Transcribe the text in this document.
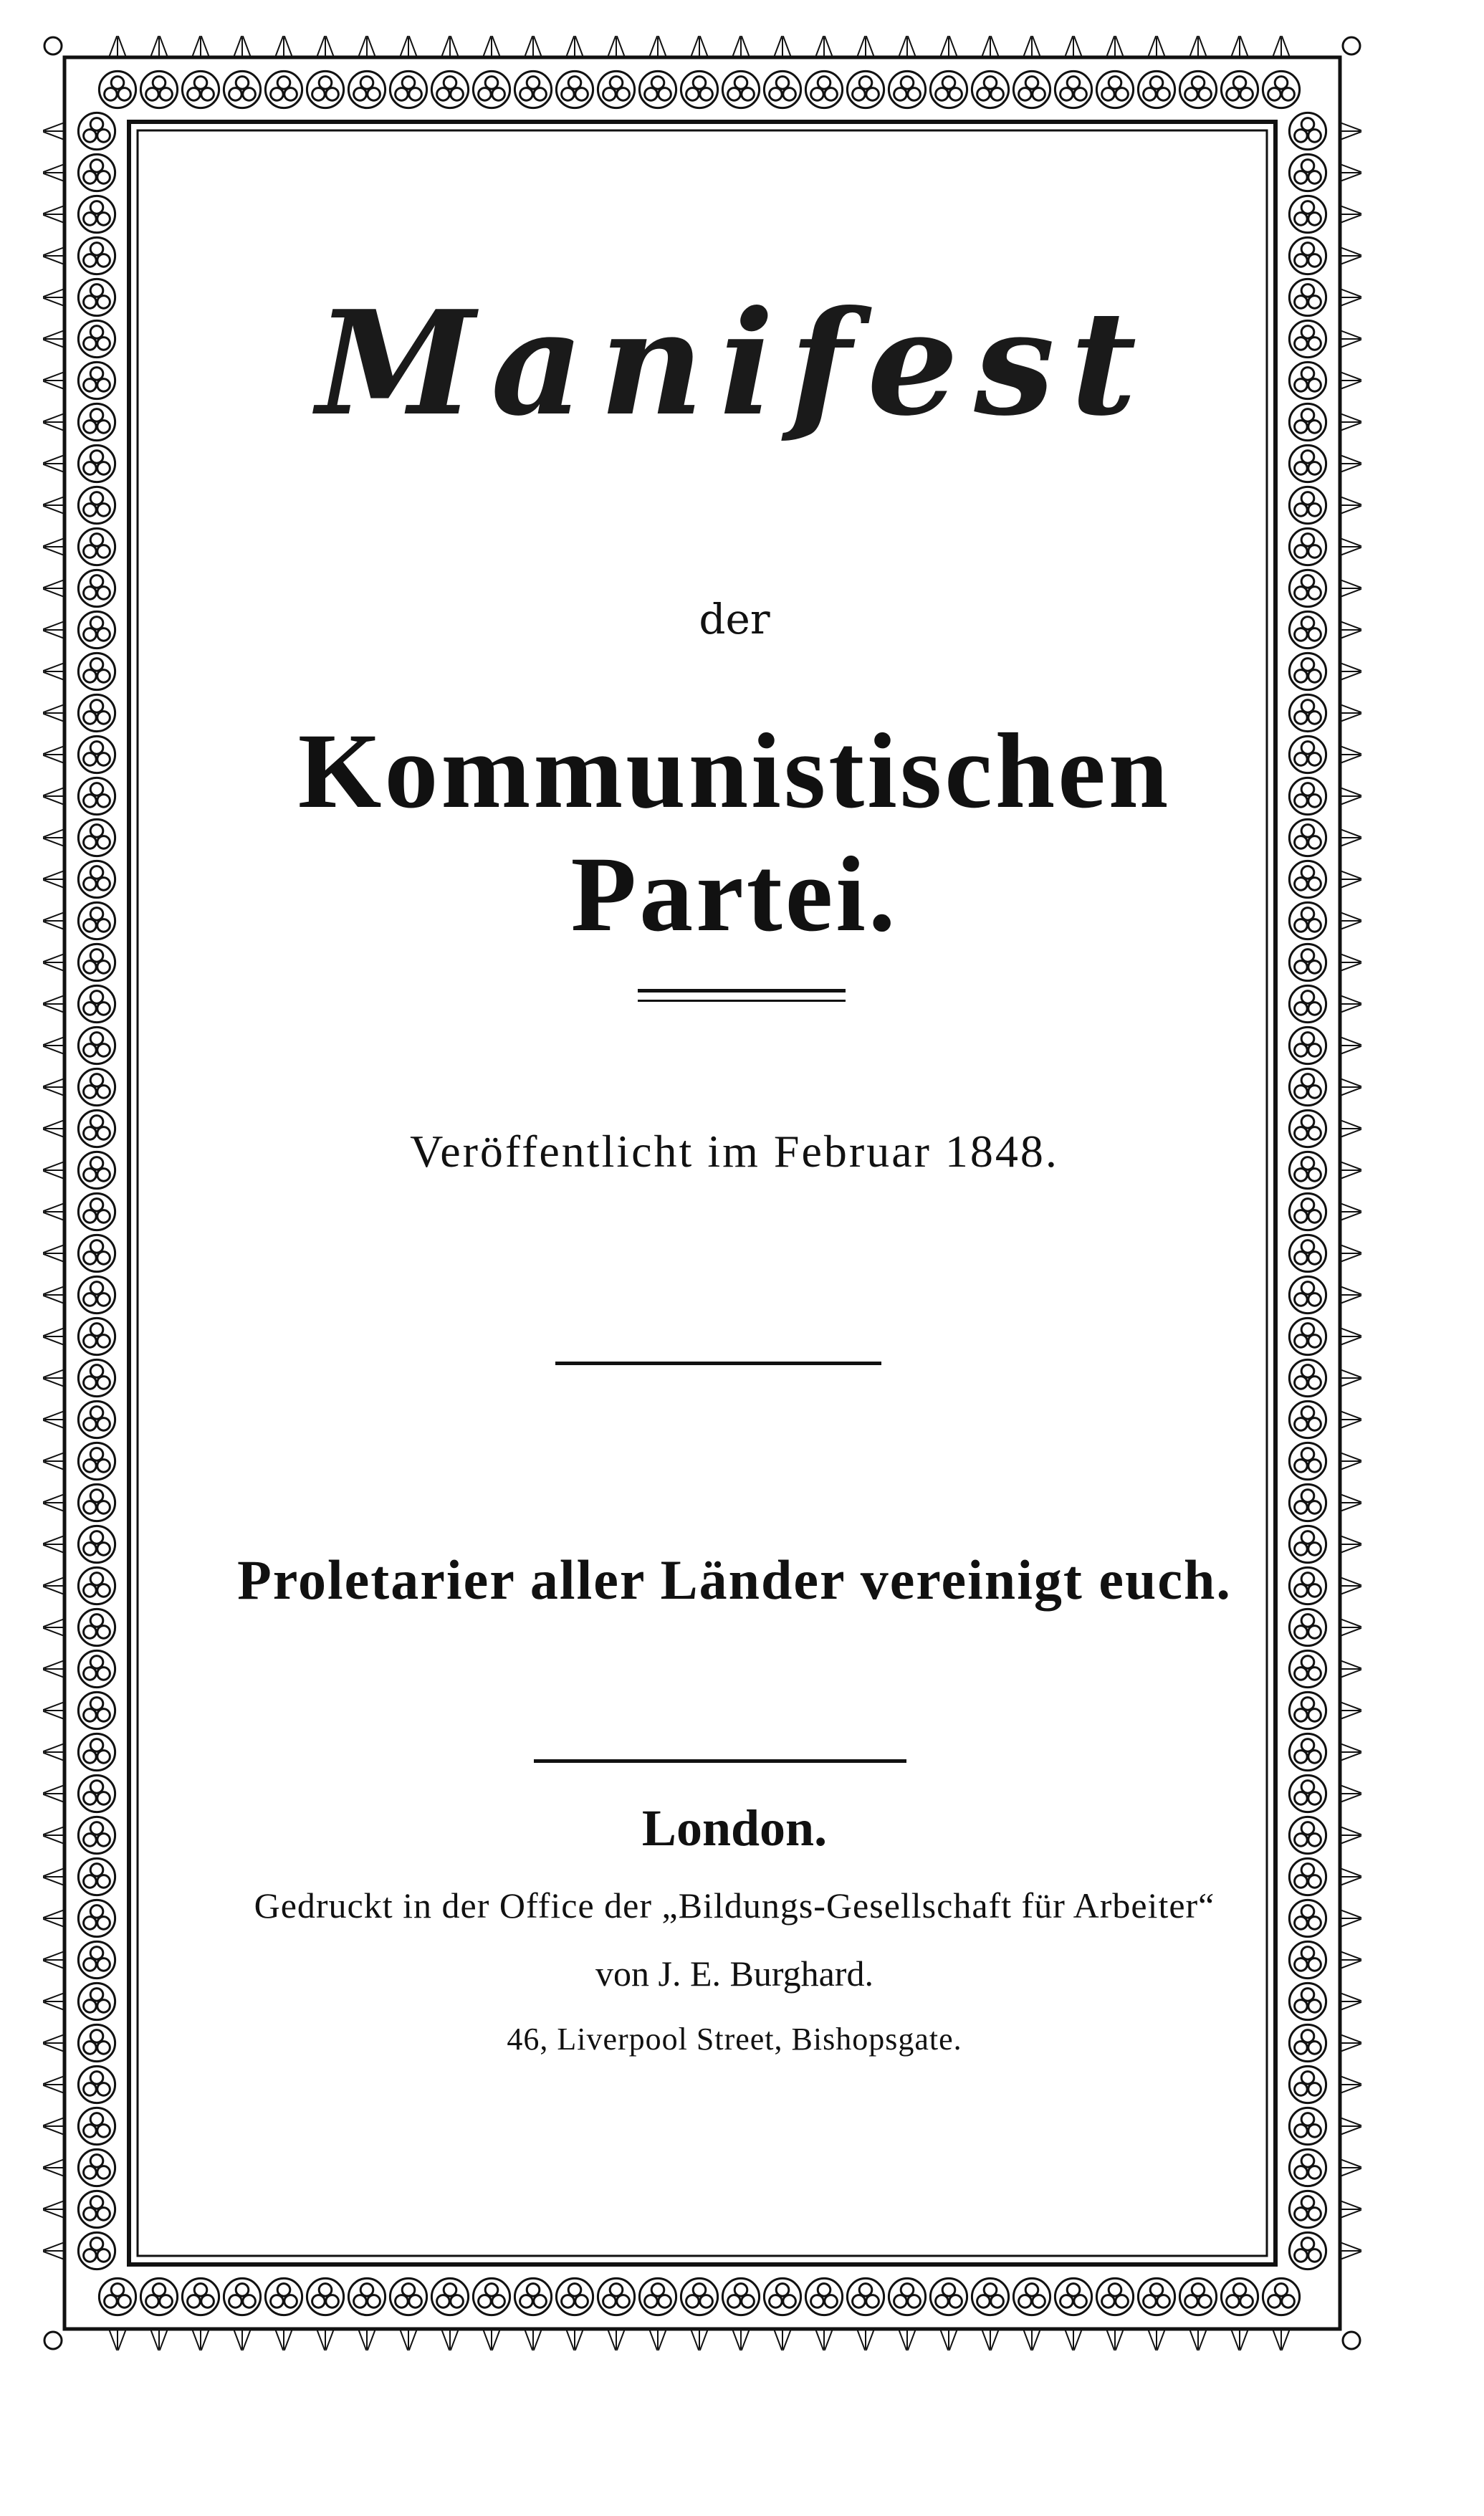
Manifest
der
Kommunistischen Partei.
Veröffentlicht im Februar 1848.
Proletarier aller Länder vereinigt euch.
London.
Gedruckt in der Office der „Bildungs-Gesellschaft für Arbeiter“
von J. E. Burghard.
46, Liverpool Street, Bishopsgate.
